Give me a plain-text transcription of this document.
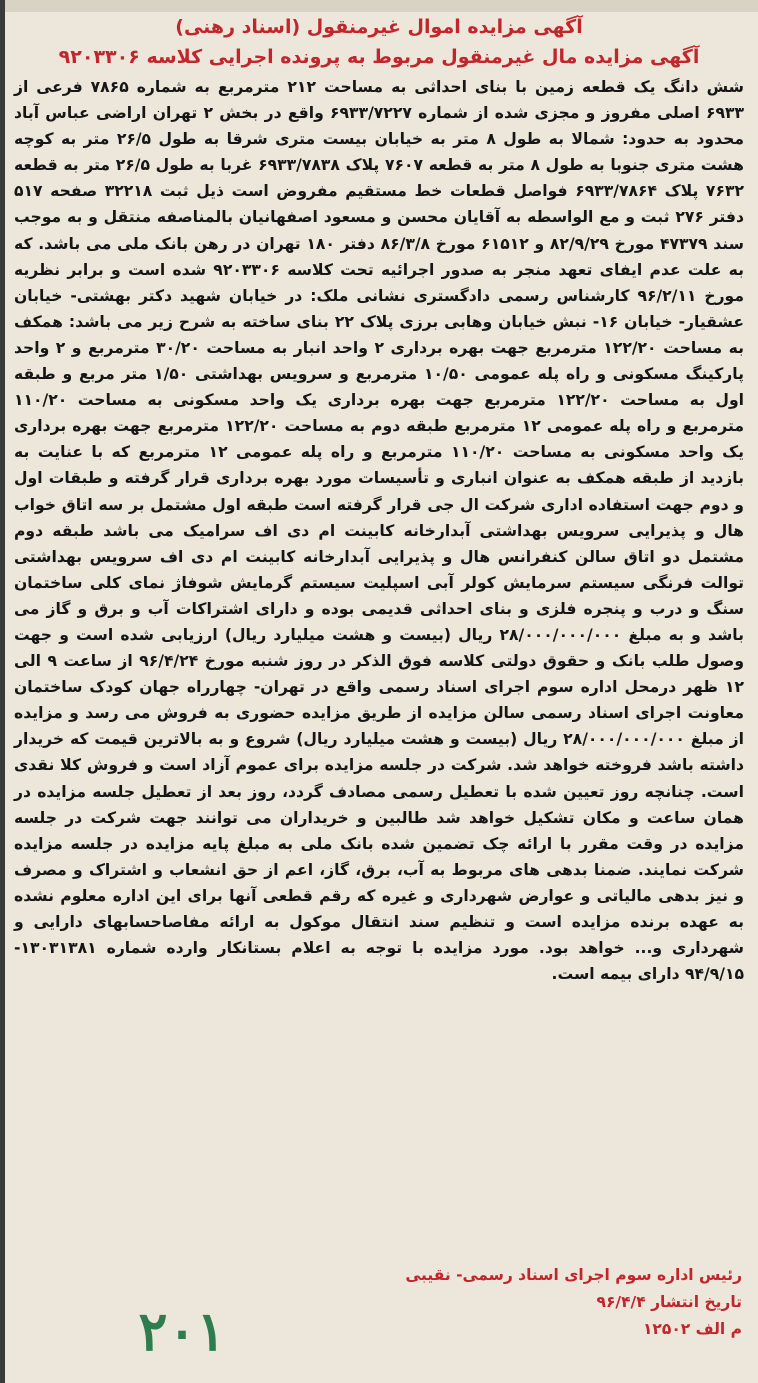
آگهی مزایده اموال غیرمنقول (اسناد رهنی)
آگهی مزایده مال غیرمنقول مربوط به پرونده اجرایی کلاسه ۹۲۰۳۳۰۶
شش دانگ یک قطعه زمین با بنای احداثی به مساحت ۲۱۲ مترمربع به شماره ۷۸۶۵ فرعی از ۶۹۳۳ اصلی مفروز و مجزی شده از شماره ۶۹۳۳/۷۲۲۷ واقع در بخش ۲ تهران اراضی عباس آباد محدود به حدود: شمالا به طول ۸ متر به خیابان بیست متری شرقا به طول ۲۶/۵ متر به کوچه هشت متری جنوبا به طول ۸ متر به قطعه ۷۶۰۷ پلاک ۶۹۳۳/۷۸۳۸ غربا به طول ۲۶/۵ متر به قطعه ۷۶۳۲ پلاک ۶۹۳۳/۷۸۶۴ فواصل قطعات خط مستقیم مفروض است ذیل ثبت ۳۲۲۱۸ صفحه ۵۱۷ دفتر ۲۷۶ ثبت و مع الواسطه به آقایان محسن و مسعود اصفهانیان بالمناصفه منتقل و به موجب سند ۴۷۳۷۹ مورخ ۸۲/۹/۲۹ و ۶۱۵۱۲ مورخ ۸۶/۳/۸ دفتر ۱۸۰ تهران در رهن بانک ملی می باشد. که به علت عدم ایفای تعهد منجر به صدور اجرائیه تحت کلاسه ۹۲۰۳۳۰۶ شده است و برابر نظریه مورخ ۹۶/۲/۱۱ کارشناس رسمی دادگستری نشانی ملک: در خیابان شهید دکتر بهشتی- خیابان عشقیار- خیابان ۱۶- نبش خیابان وهابی برزی پلاک ۲۲ بنای ساخته به شرح زیر می باشد: همکف به مساحت ۱۲۲/۲۰ مترمربع جهت بهره برداری ۲ واحد انبار به مساحت ۳۰/۲۰ مترمربع و ۲ واحد پارکینگ مسکونی و راه پله عمومی ۱۰/۵۰ مترمربع و سرویس بهداشتی ۱/۵۰ متر مربع و طبقه اول به مساحت ۱۲۲/۲۰ مترمربع جهت بهره برداری یک واحد مسکونی به مساحت ۱۱۰/۲۰ مترمربع و راه پله عمومی ۱۲ مترمربع طبقه دوم به مساحت ۱۲۲/۲۰ مترمربع جهت بهره برداری یک واحد مسکونی به مساحت ۱۱۰/۲۰ مترمربع و راه پله عمومی ۱۲ مترمربع که با عنایت به بازدید از طبقه همکف به عنوان انباری و تأسیسات مورد بهره برداری قرار گرفته و طبقات اول و دوم جهت استفاده اداری شرکت ال جی قرار گرفته است طبقه اول مشتمل بر سه اتاق خواب هال و پذیرایی سرویس بهداشتی آبدارخانه کابینت ام دی اف سرامیک می باشد طبقه دوم مشتمل دو اتاق سالن کنفرانس هال و پذیرایی آبدارخانه کابینت ام دی اف سرویس بهداشتی توالت فرنگی سیستم سرمایش کولر آبی اسپلیت سیستم گرمایش شوفاژ نمای کلی ساختمان سنگ و درب و پنجره فلزی و بنای احداثی قدیمی بوده و دارای اشتراکات آب و برق و گاز می باشد و به مبلغ ۲۸/۰۰۰/۰۰۰/۰۰۰ ریال (بیست و هشت میلیارد ریال) ارزیابی شده است و جهت وصول طلب بانک و حقوق دولتی کلاسه فوق الذکر در روز شنبه مورخ ۹۶/۴/۲۴ از ساعت ۹ الی ۱۲ ظهر درمحل اداره سوم اجرای اسناد رسمی واقع در تهران- چهارراه جهان کودک ساختمان معاونت اجرای اسناد رسمی سالن مزایده از طریق مزایده حضوری به فروش می رسد و مزایده از مبلغ ۲۸/۰۰۰/۰۰۰/۰۰۰ ریال (بیست و هشت میلیارد ریال) شروع و به بالاترین قیمت که خریدار داشته باشد فروخته خواهد شد. شرکت در جلسه مزایده برای عموم آزاد است و فروش کلا نقدی است. چنانچه روز تعیین شده با تعطیل رسمی مصادف گردد، روز بعد از تعطیل جلسه مزایده در همان ساعت و مکان تشکیل خواهد شد طالبین و خریداران می توانند جهت شرکت در جلسه مزایده در وقت مقرر با ارائه چک تضمین شده بانک ملی به مبلغ پایه مزایده در جلسه مزایده شرکت نمایند. ضمنا بدهی های مربوط به آب، برق، گاز، اعم از حق انشعاب و اشتراک و مصرف و نیز بدهی مالیاتی و عوارض شهرداری و غیره که رقم قطعی آنها برای این اداره معلوم نشده به عهده برنده مزایده است و تنظیم سند انتقال موکول به ارائه مفاصاحسابهای دارایی و شهرداری و... خواهد بود. مورد مزایده با توجه به اعلام بستانکار وارده شماره ۱۳۰۳۱۳۸۱- ۹۴/۹/۱۵ دارای بیمه است.
رئیس اداره سوم اجرای اسناد رسمی- نقیبی
تاریخ انتشار ۹۶/۴/۴
م الف ۱۲۵۰۲
۲۰۱
